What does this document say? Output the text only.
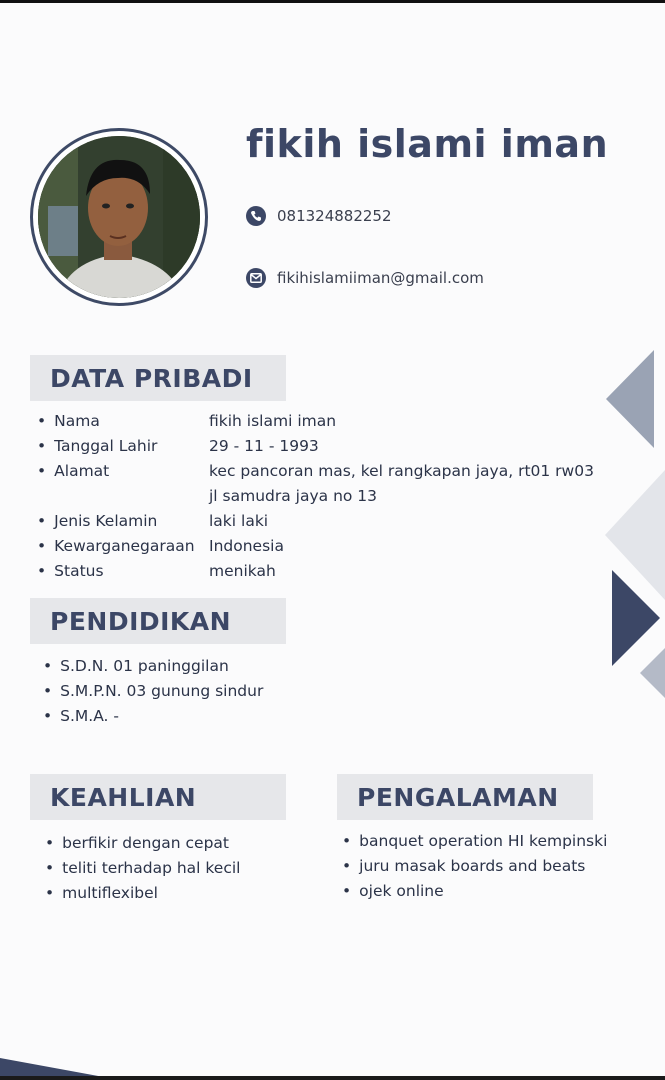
fikih islami iman
081324882252
fikihislamiiman@gmail.com
DATA PRIBADI
• Nama	fikih islami iman
• Tanggal Lahir	29 - 11 - 1993
• Alamat	kec pancoran mas, kel rangkapan jaya, rt01 rw03
jl samudra jaya no 13
• Jenis Kelamin	laki laki
• Kewarganegaraan Indonesia
• Status	menikah
PENDIDIKAN
• S.D.N. 01 paninggilan
• S.M.P.N. 03 gunung sindur
• S.M.A. -
KEAHLIAN
• berfikir dengan cepat
• teliti terhadap hal kecil
• multiflexibel
PENGALAMAN
• banquet operation HI kempinski
• juru masak boards and beats
• ojek online
